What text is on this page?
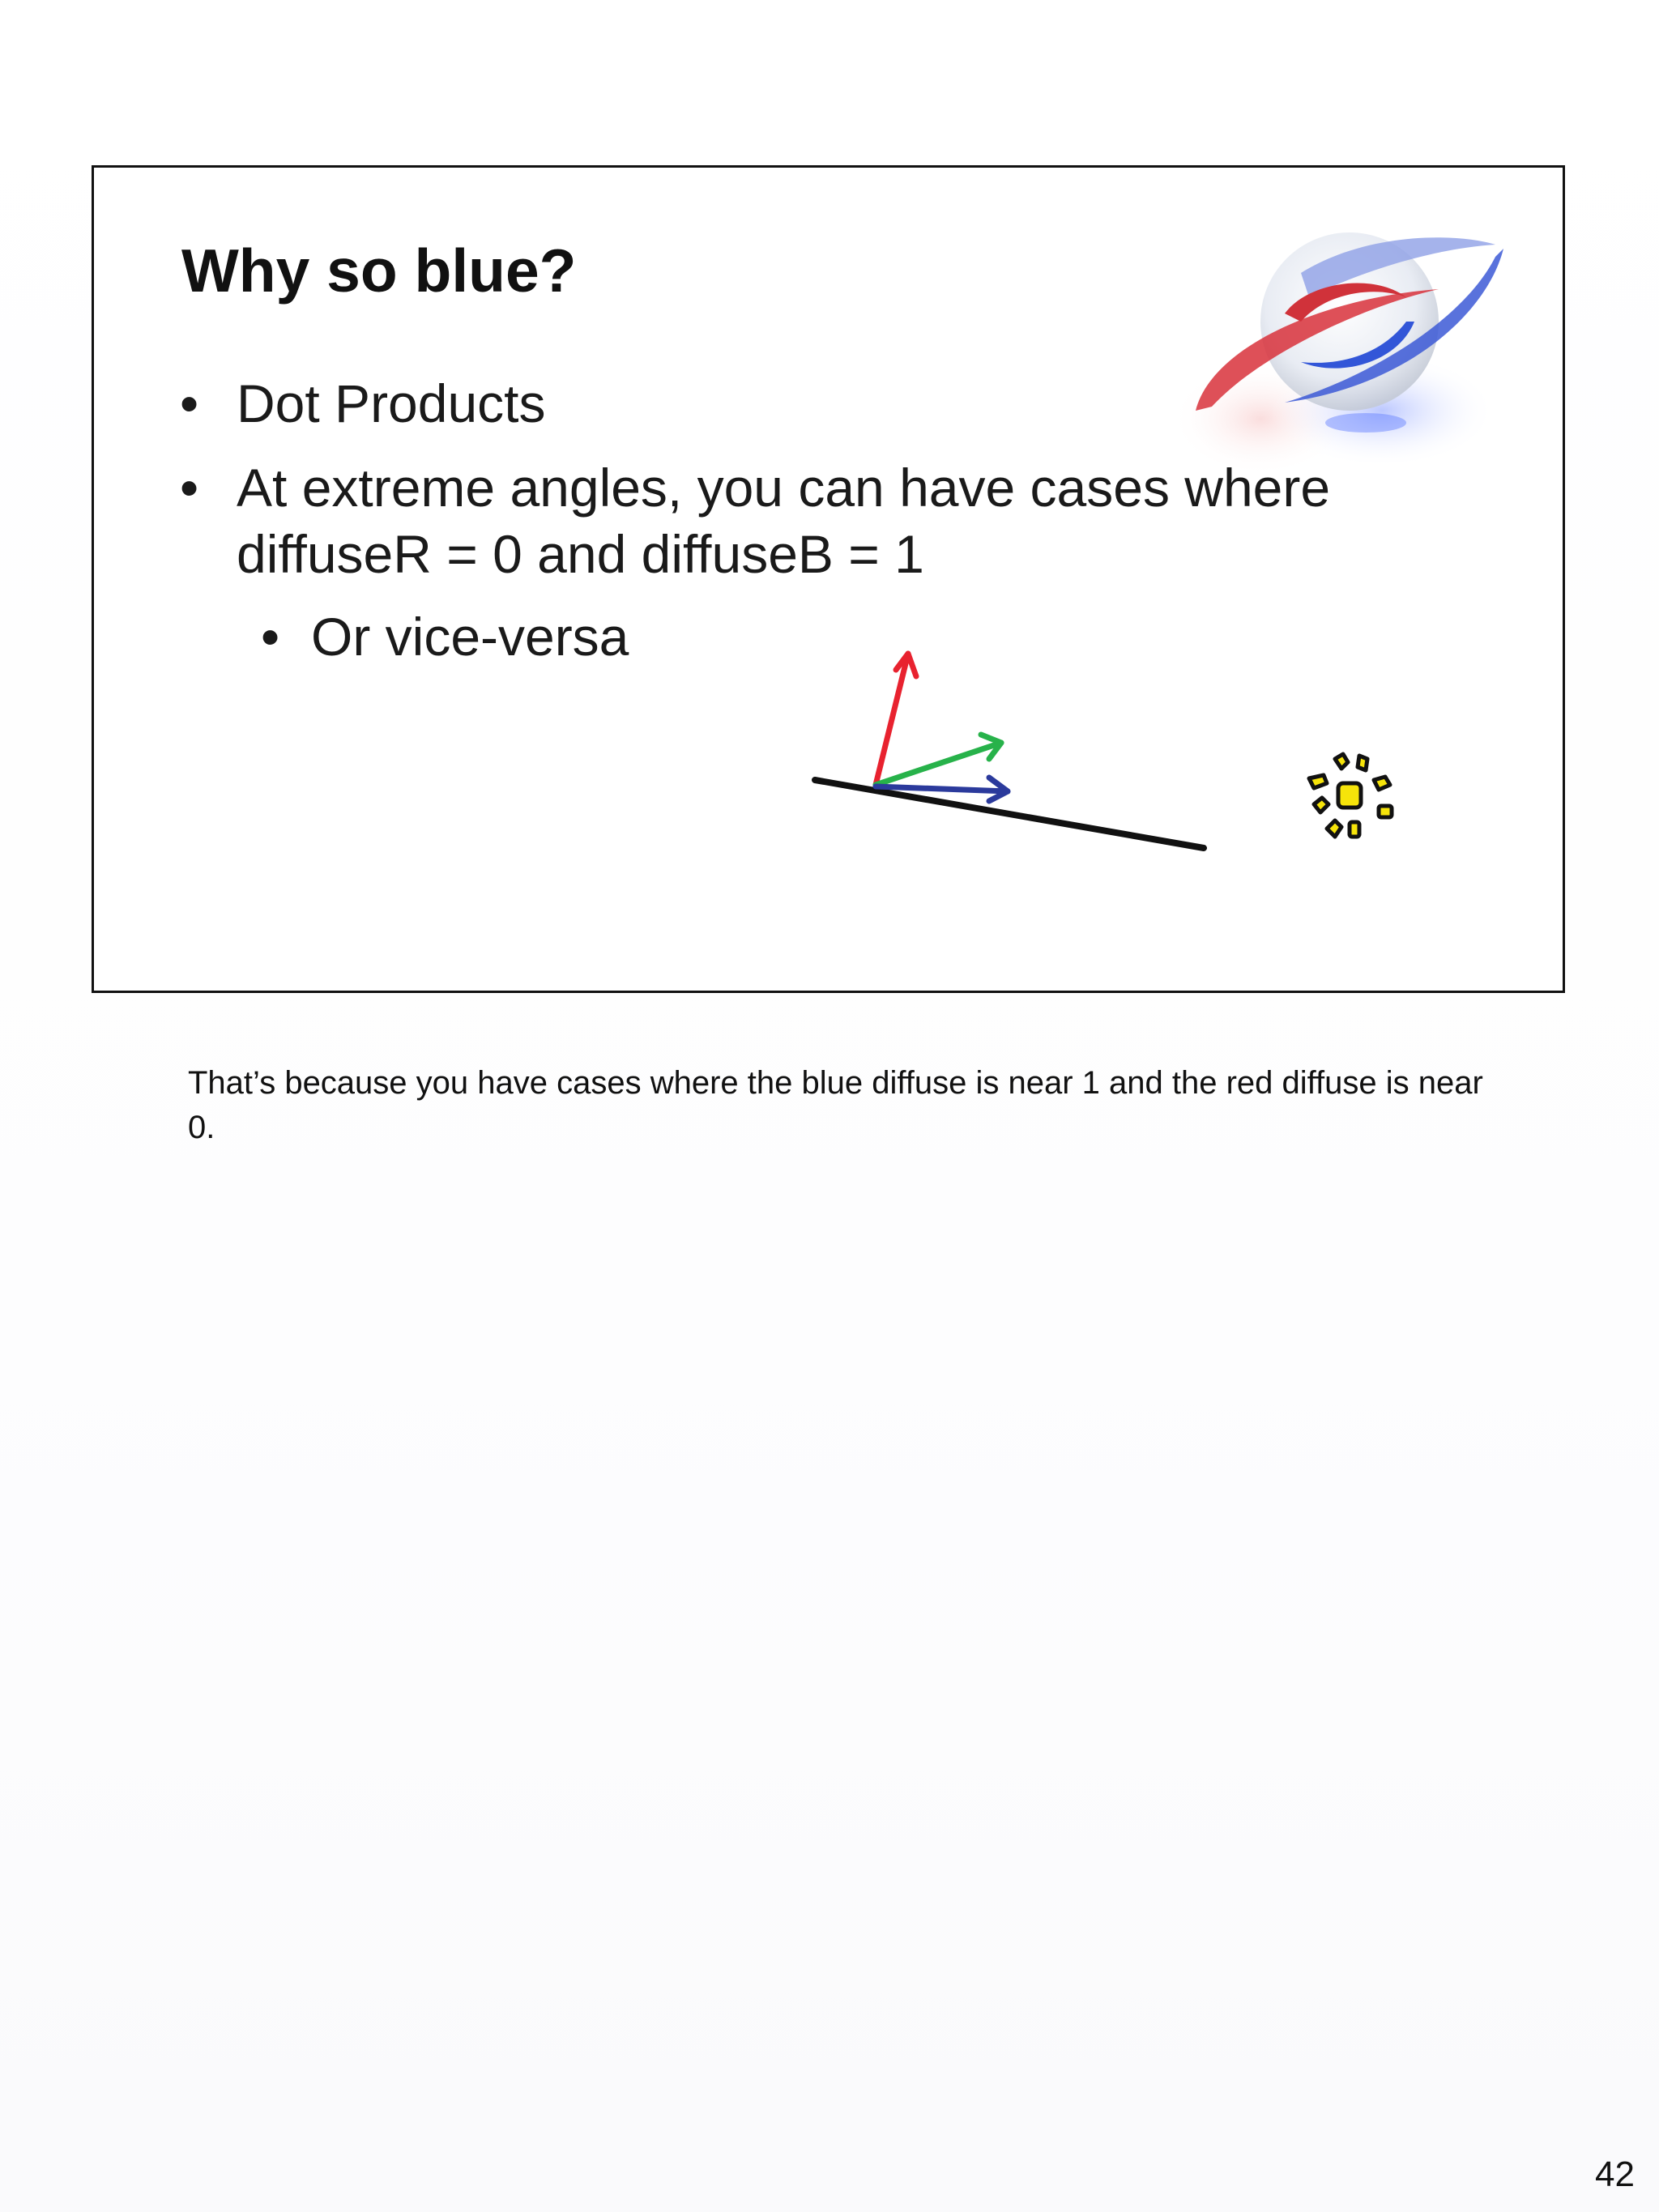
Why so blue?
• Dot Products
• At extreme angles, you can have cases where diffuseR = 0 and diffuseB = 1
• Or vice-versa
That’s because you have cases where the blue diffuse is near 1 and the red diffuse is near 0.
42
